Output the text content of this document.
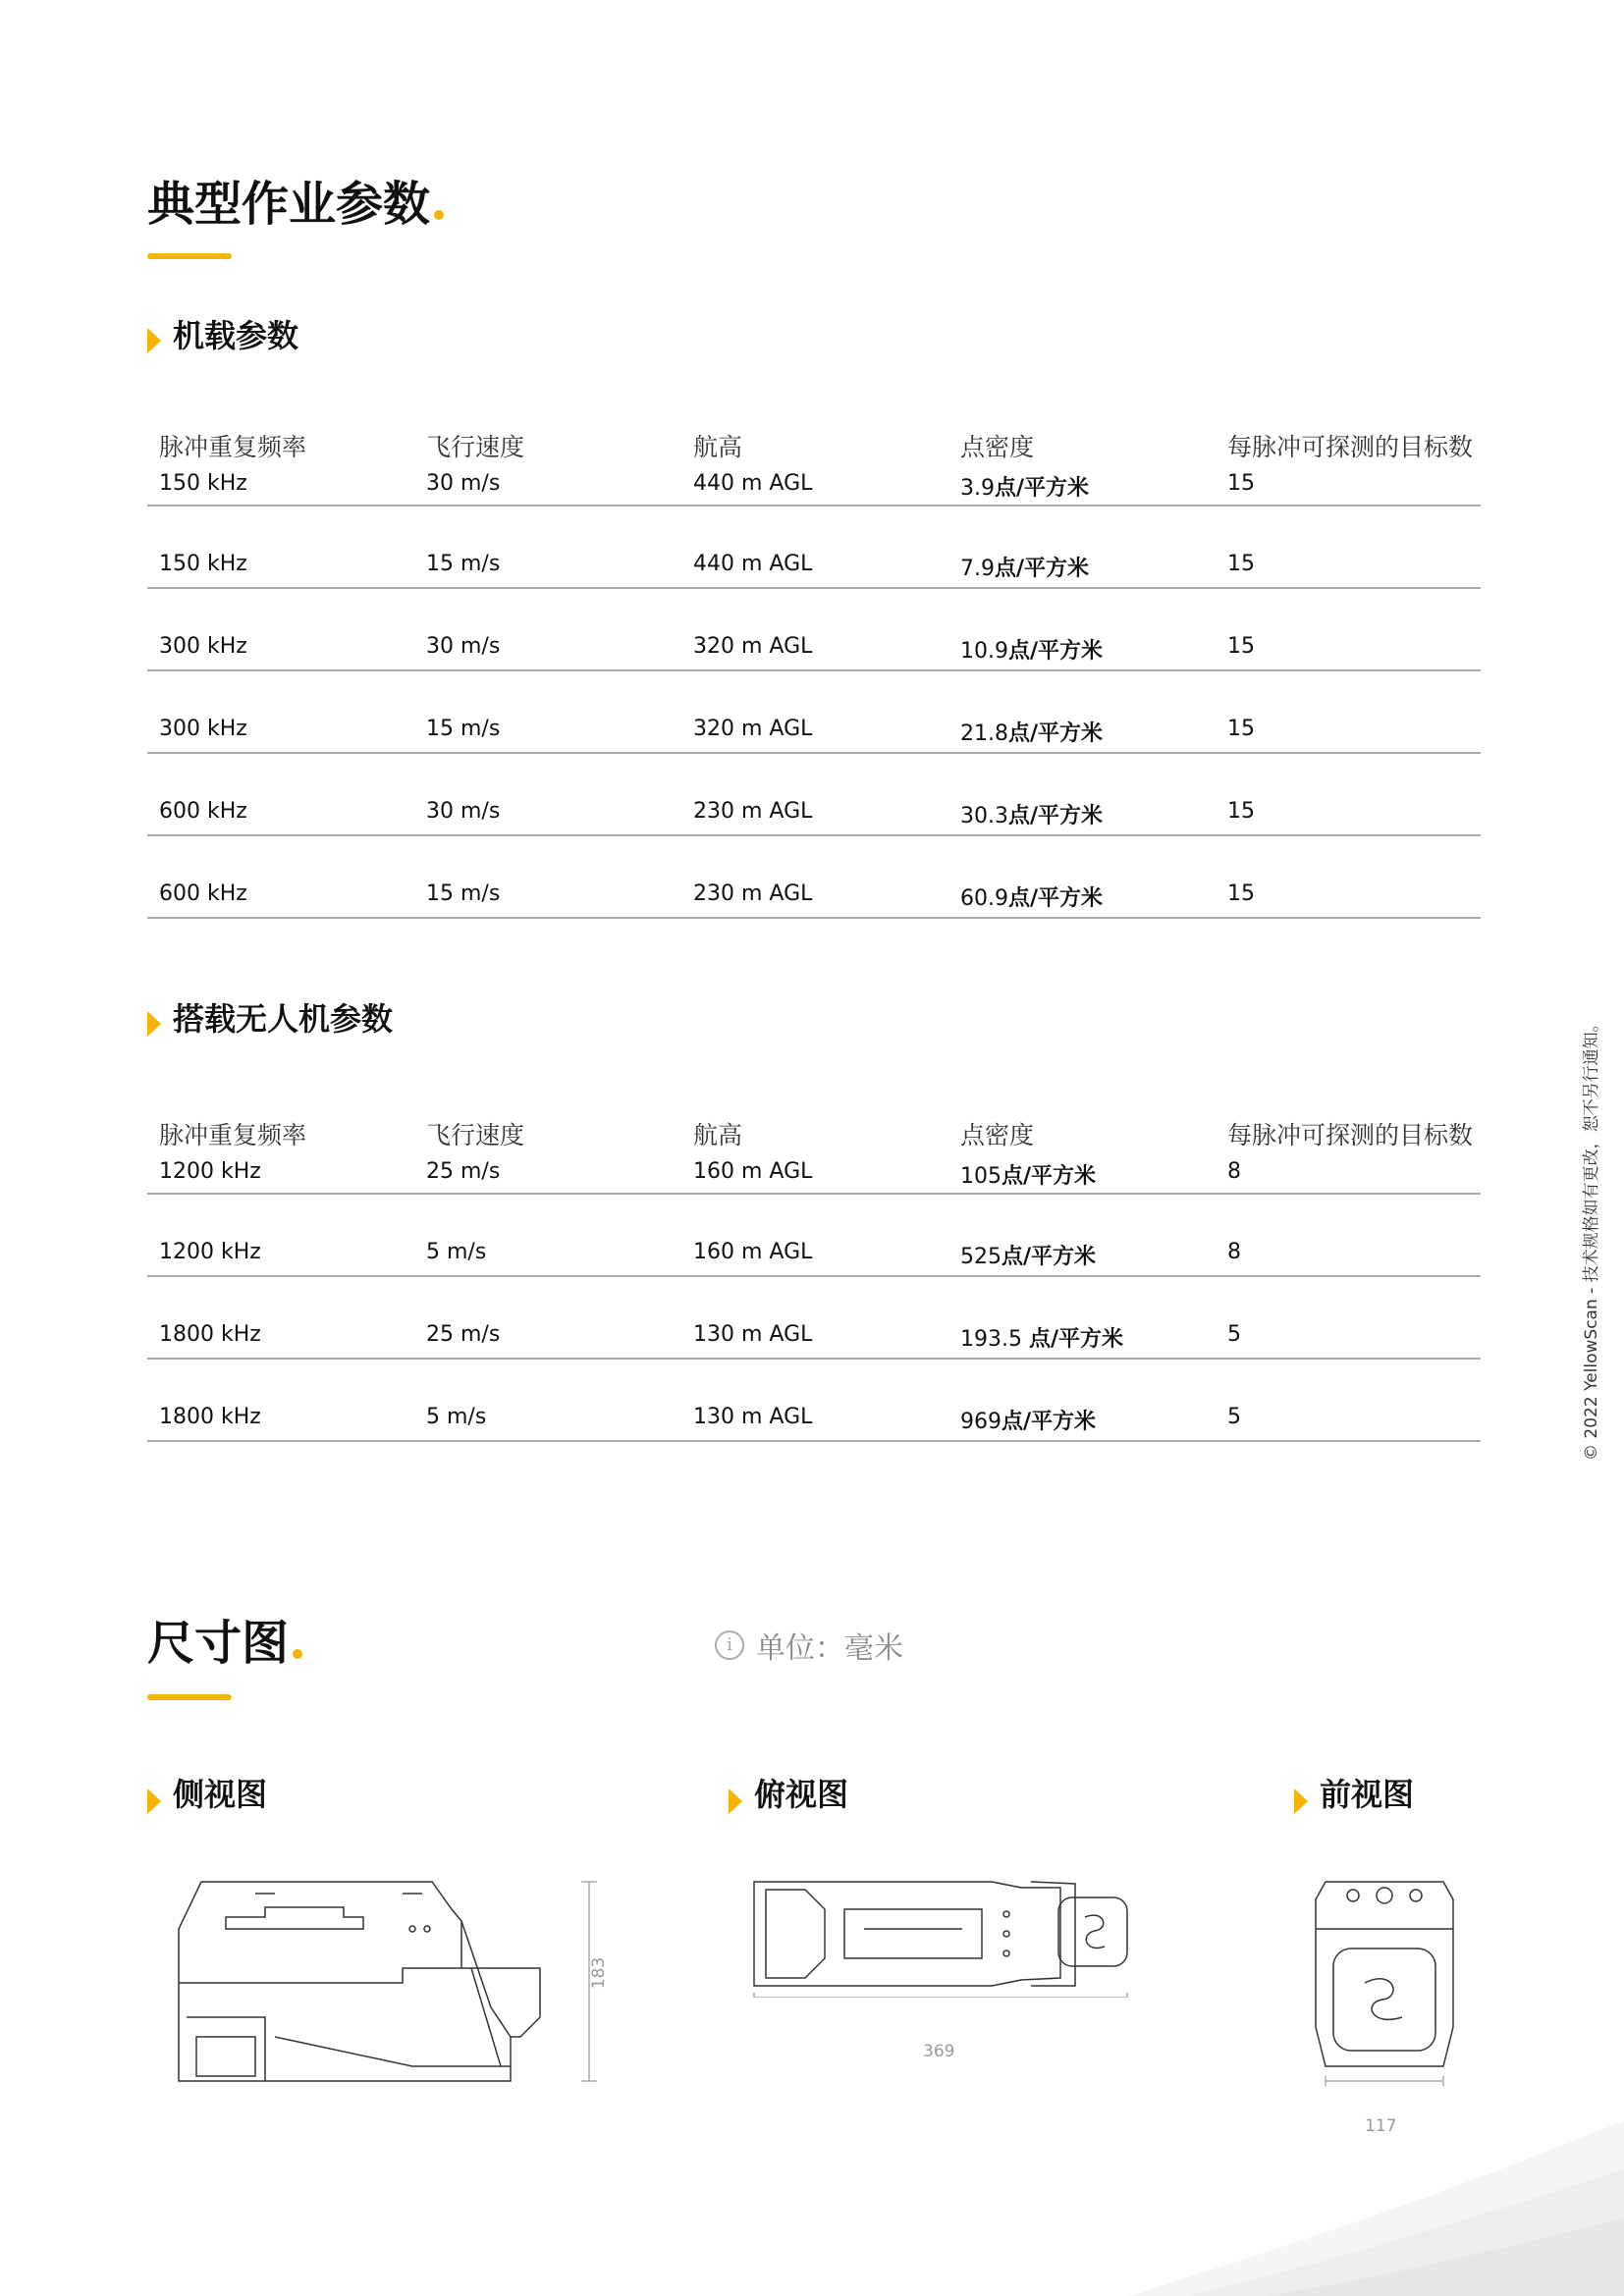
典型作业参数
机载参数
脉冲重复频率	飞行速度	航高	点密度	每脉冲可探测的目标数
150 kHz	30 m/s	440 m AGL	3.9点/平方米	15
150 kHz	15 m/s	440 m AGL	7.9点/平方米	15
300 kHz	30 m/s	320 m AGL	10.9点/平方米	15
300 kHz	15 m/s	320 m AGL	21.8点/平方米	15
600 kHz	30 m/s	230 m AGL	30.3点/平方米	15
600 kHz	15 m/s	230 m AGL	60.9点/平方米	15
搭载无人机参数
脉冲重复频率	飞行速度	航高	点密度	每脉冲可探测的目标数
1200 kHz	25 m/s	160 m AGL	105点/平方米	8
1200 kHz	5 m/s	160 m AGL	525点/平方米	8
1800 kHz	25 m/s	130 m AGL	193.5 点/平方米	5
1800 kHz	5 m/s	130 m AGL	969点/平方米	5	© 2022 YellowScan - 技术规格如有更改，恕不另行通知。
尺寸图	i 单位：毫米
侧视图	俯视图	前视图
183
369
117
